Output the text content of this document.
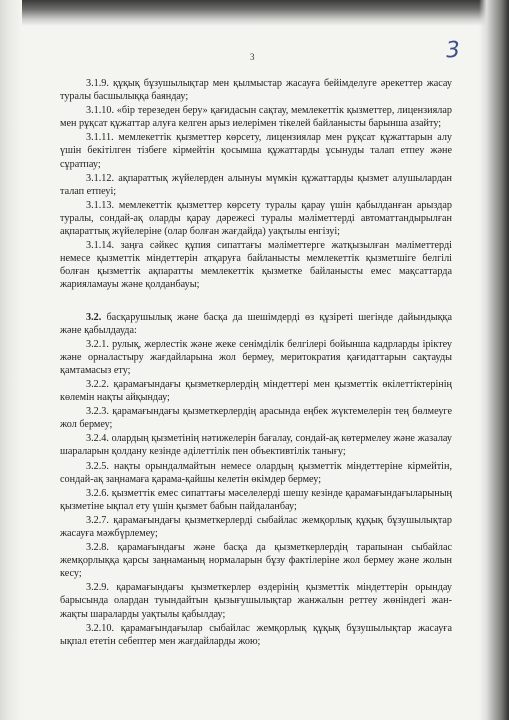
3	3

3.1.9. құқық бұзушылықтар мен қылмыстар жасауға бейімделуге әрекеттер жасау туралы басшылыққа баяндау;

3.1.10. «бір терезеден беру» қағидасын сақтау, мемлекеттік қызметтер, лицензиялар мен рұқсат құжаттар алуға келген арыз иелерімен тікелей байланысты барынша азайту;

3.1.11. мемлекеттік қызметтер көрсету, лицензиялар мен рұқсат құжаттарын алу үшін бекітілген тізбеге кірмейтін қосымша құжаттарды ұсынуды талап етпеу және сұратпау;

3.1.12. ақпараттық жүйелерден алынуы мүмкін құжаттарды қызмет алушылардан талап етпеуі;

3.1.13. мемлекеттік қызметтер көрсету туралы қарау үшін қабылданған арыздар туралы, сондай-ақ оларды қарау дәрежесі туралы мәліметтерді автоматтандырылған ақпараттық жүйелеріне (олар болған жағдайда) уақтылы енгізуі;

3.1.14. заңға сәйкес құпия сипаттағы мәліметтерге жатқызылған мәліметтерді немесе қызметтік міндеттерін атқаруға байланысты мемлекеттік қызметшіге белгілі болған қызметтік ақпаратты мемлекеттік қызметке байланысты емес мақсаттарда жарияламауы және қолданбауы;

3.2. басқарушылық және басқа да шешімдерді өз құзіреті шегінде дайындыққа және қабылдауда:

3.2.1. рулық, жерлестік және жеке сенімділік белгілері бойынша кадрларды іріктеу және орналастыру жағдайларына жол бермеу, меритократия қағидаттарын сақтауды қамтамасыз ету;

3.2.2. қарамағындағы қызметкерлердің міндеттері мен қызметтік өкілеттіктерінің көлемін нақты айқындау;

3.2.3. қарамағындағы қызметкерлердің арасында еңбек жүктемелерін тең бөлмеуге жол бермеу;

3.2.4. олардың қызметінің нәтижелерін бағалау, сондай-ақ көтермелеу және жазалау шараларын қолдану кезінде әділеттілік пен объективтілік танығу;

3.2.5. нақты орындалмайтын немесе олардың қызметтік міндеттеріне кірмейтін, сондай-ақ заңнамаға қарама-қайшы келетін өкімдер бермеу;

3.2.6. қызметтік емес сипаттағы мәселелерді шешу кезінде қарамағындағыларының қызметіне ықпал ету үшін қызмет бабын пайдаланбау;

3.2.7. қарамағындағы қызметкерлерді сыбайлас жемқорлық құқық бұзушылықтар жасауға мәжбүрлемеу;

3.2.8. қарамағындағы және басқа да қызметкерлердің тарапынан сыбайлас жемқорлыққа қарсы заңнаманың нормаларын бұзу фактілеріне жол бермеу және жолын кесу;

3.2.9. қарамағындағы қызметкерлер өздерінің қызметтік міндеттерін орындау барысында олардан туындайтын қызығушылықтар жанжалын реттеу жөніндегі жан-жақты шараларды уақтылы қабылдау;

3.2.10. қарамағындағылар сыбайлас жемқорлық құқық бұзушылықтар жасауға ықпал ететін себептер мен жағдайларды жою;
